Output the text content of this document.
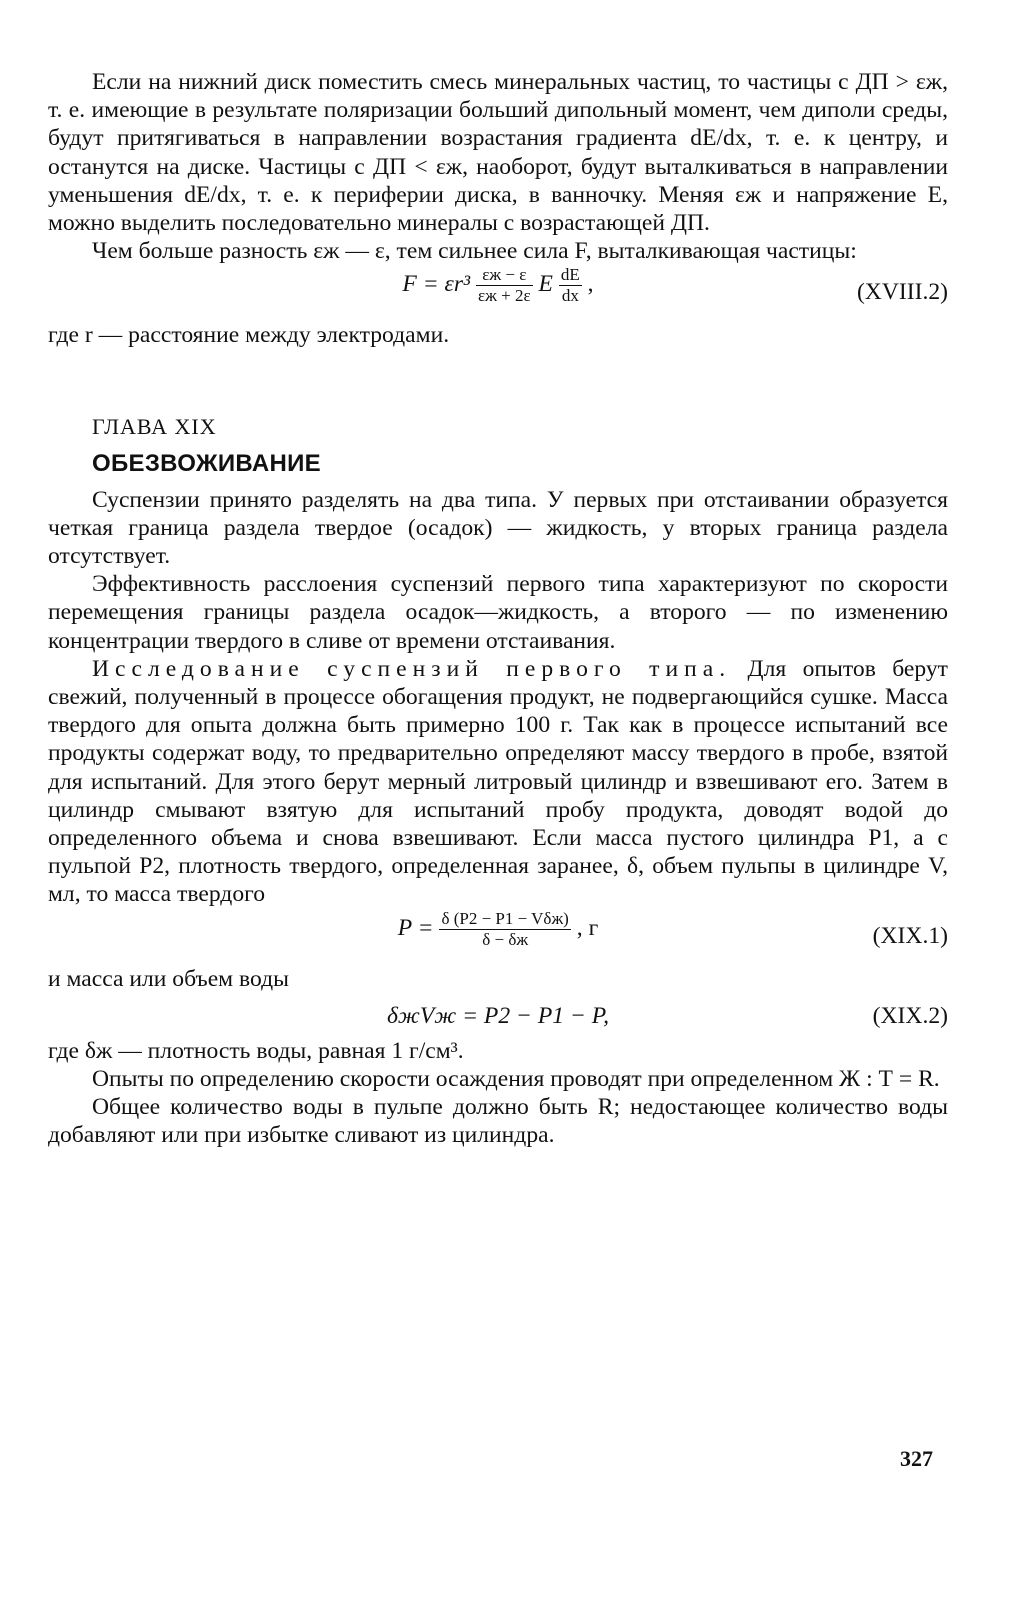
Если на нижний диск поместить смесь минеральных частиц, то частицы с ДП > εж, т. е. имеющие в результате поляризации больший дипольный момент, чем диполи среды, будут притягиваться в направлении возрастания градиента dE/dx, т. е. к центру, и останутся на диске. Частицы с ДП < εж, наоборот, будут выталкиваться в направлении уменьшения dE/dx, т. е. к периферии диска, в ванночку. Меняя εж и напряжение E, можно выделить последовательно минералы с возрастающей ДП.

Чем больше разность εж — ε, тем сильнее сила F, выталкивающая частицы:

$F = \varepsilon r^3 \frac{\varepsilon ж - \varepsilon}{\varepsilon ж + 2\varepsilon}$ E $\frac{dE}{dx}$ ,	(XVIII.2)

где r — расстояние между электродами.

ГЛАВА XIX
ОБЕЗВОЖИВАНИЕ

Суспензии принято разделять на два типа. У первых при отстаивании образуется четкая граница раздела твердое (осадок) — жидкость, у вторых граница раздела отсутствует.

Эффективность расслоения суспензий первого типа характеризуют по скорости перемещения границы раздела осадок—жидкость, а второго — по изменению концентрации твердого в сливе от времени отстаивания.

Исследование суспензий первого типа. Для опытов берут свежий, полученный в процессе обогащения продукт, не подвергающийся сушке. Масса твердого для опыта должна быть примерно 100 г. Так как в процессе испытаний все продукты содержат воду, то предварительно определяют массу твердого в пробе, взятой для испытаний. Для этого берут мерный литровый цилиндр и взвешивают его. Затем в цилиндр смывают взятую для испытаний пробу продукта, доводят водой до определенного объема и снова взвешивают. Если масса пустого цилиндра P1, а с пульпой P2, плотность твердого, определенная заранее, δ, объем пульпы в цилиндре V, мл, то масса твердого

$P = \frac{\text{δ (P2 − P1 − Vδж)}}{\delta - \delta ж}$ , г	(XIX.1)

и масса или объем воды

δжVж = P2 − P1 − P,	(XIX.2)

где δж — плотность воды, равная 1 г/см³.

Опыты по определению скорости осаждения проводят при определенном Ж : Т = R.

Общее количество воды в пульпе должно быть R; недостающее количество воды добавляют или при избытке сливают из цилиндра.

327
